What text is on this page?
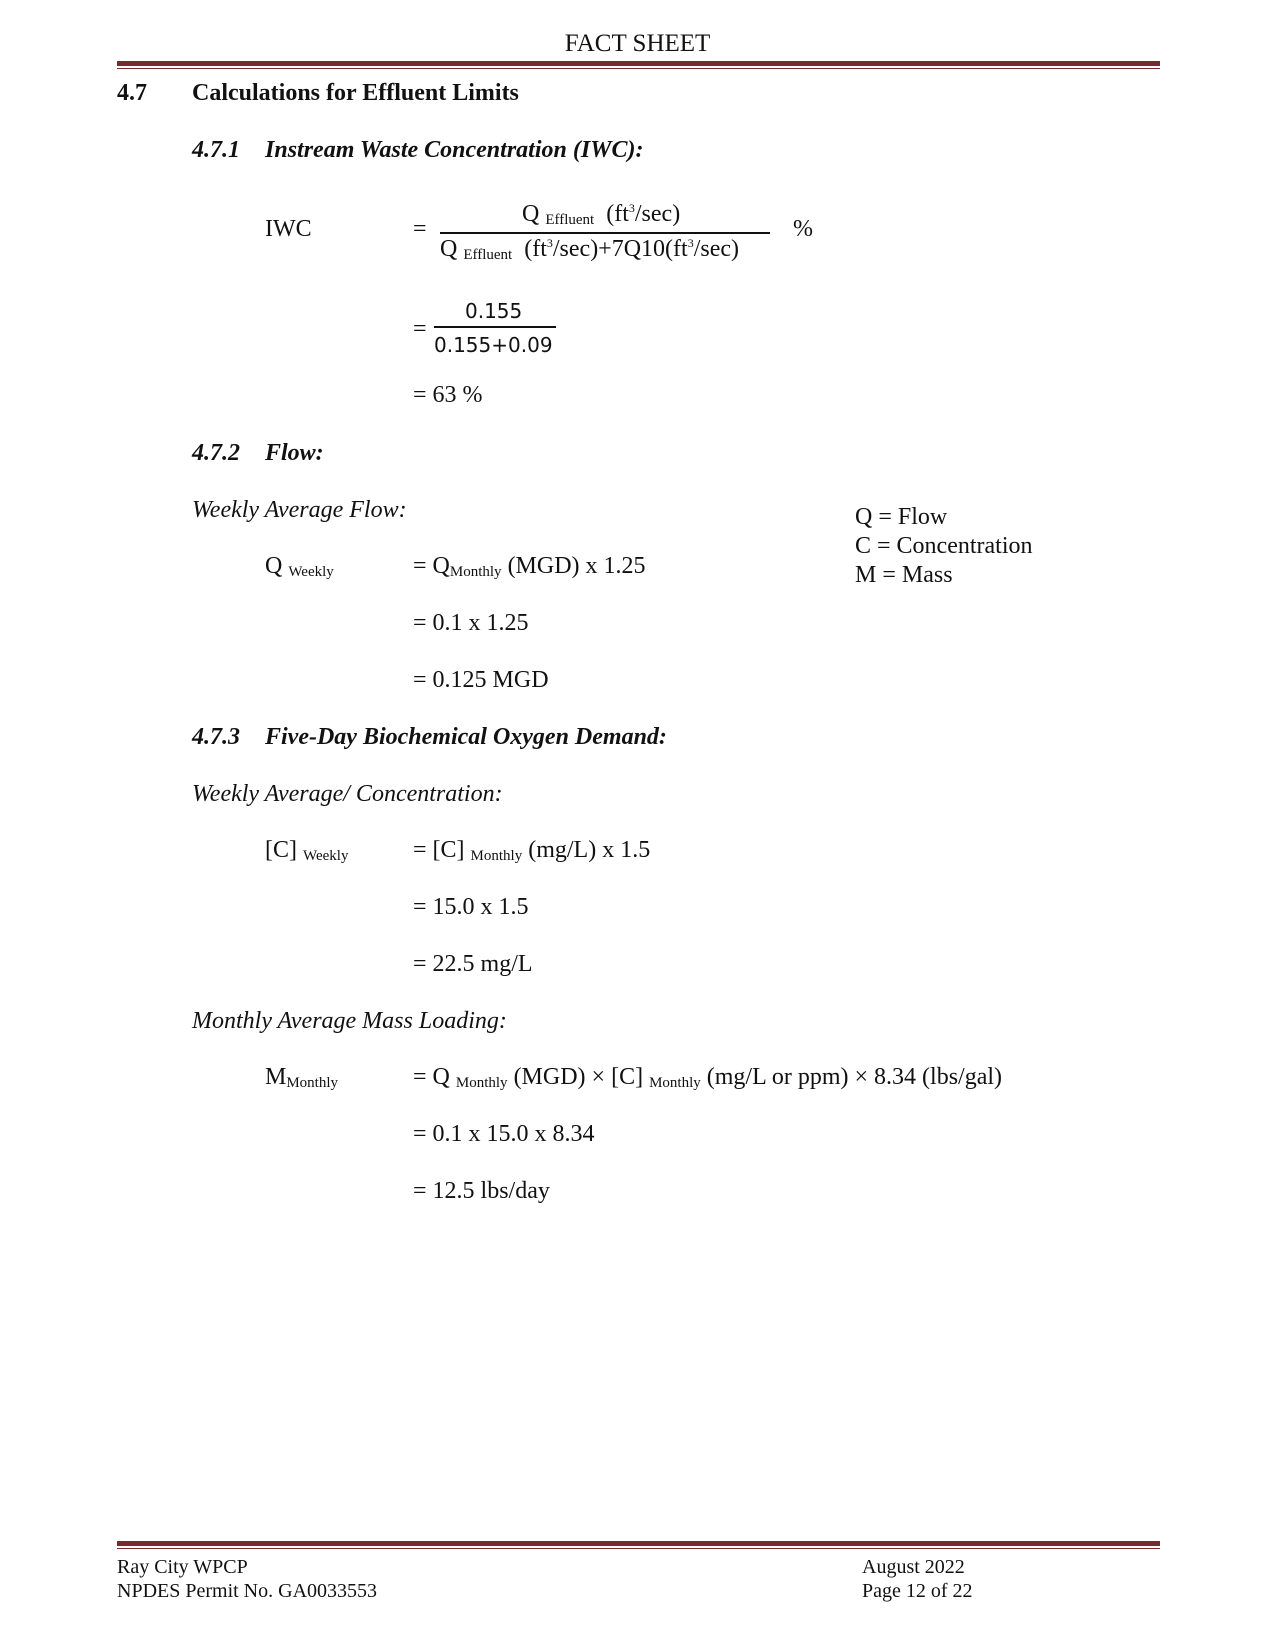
FACT SHEET
4.7 Calculations for Effluent Limits
4.7.1 Instream Waste Concentration (IWC):
IWC	=
Q Effluent $(ft^3/\sec)$
Q Effluent $(ft^3/\sec)+7Q10(ft^3/\sec)$
%
=
0.155
0.155+0.09
= 63 %
4.7.2 Flow:
Weekly Average Flow:
Q Weekly	= QMonthly (MGD) x 1.25
= 0.1 x 1.25
= 0.125 MGD
Q = Flow
C = Concentration
M = Mass
4.7.3 Five-Day Biochemical Oxygen Demand:
Weekly Average/ Concentration:
[C] Weekly	= [C] Monthly (mg/L) x 1.5
= 15.0 x 1.5
= 22.5 mg/L
Monthly Average Mass Loading:
MMonthly	= Q Monthly (MGD) × [C] Monthly (mg/L or ppm) × 8.34 (lbs/gal)
= 0.1 x 15.0 x 8.34
= 12.5 lbs/day
Ray City WPCP
NPDES Permit No. GA0033553
August 2022
Page 12 of 22
